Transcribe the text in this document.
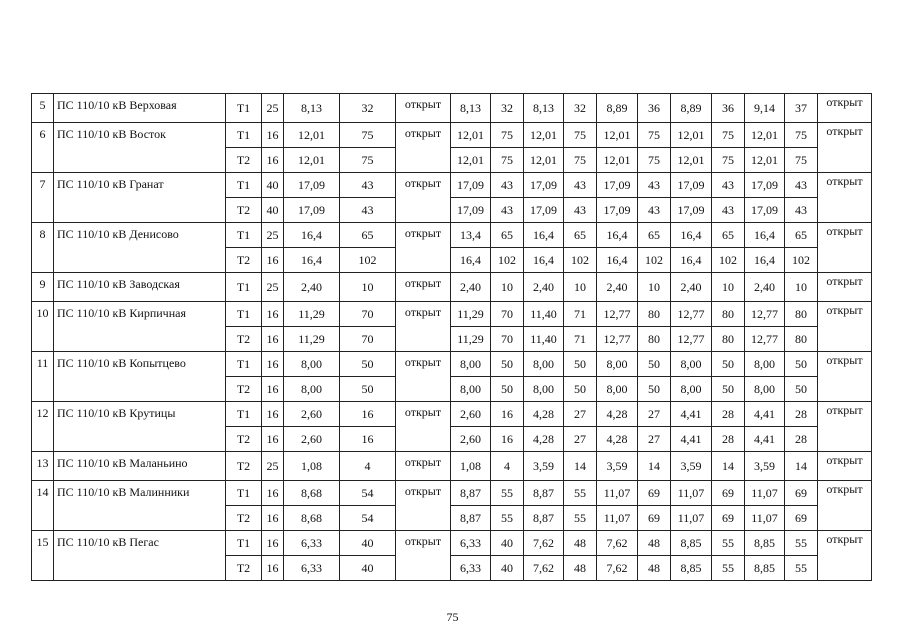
5	ПС 110/10 кВ Верховая	Т1	25	8,13	32	открыт	8,13	32	8,13	32	8,89	36	8,89	36	9,14	37	открыт
6	ПС 110/10 кВ Восток	Т1	16	12,01	75	открыт	12,01	75	12,01	75	12,01	75	12,01	75	12,01	75	открыт
		Т2	16	12,01	75		12,01	75	12,01	75	12,01	75	12,01	75	12,01	75	
7	ПС 110/10 кВ Гранат	Т1	40	17,09	43	открыт	17,09	43	17,09	43	17,09	43	17,09	43	17,09	43	открыт
		Т2	40	17,09	43		17,09	43	17,09	43	17,09	43	17,09	43	17,09	43	
8	ПС 110/10 кВ Денисово	Т1	25	16,4	65	открыт	13,4	65	16,4	65	16,4	65	16,4	65	16,4	65	открыт
		Т2	16	16,4	102		16,4	102	16,4	102	16,4	102	16,4	102	16,4	102	
9	ПС 110/10 кВ Заводская	Т1	25	2,40	10	открыт	2,40	10	2,40	10	2,40	10	2,40	10	2,40	10	открыт
10	ПС 110/10 кВ Кирпичная	Т1	16	11,29	70	открыт	11,29	70	11,40	71	12,77	80	12,77	80	12,77	80	открыт
		Т2	16	11,29	70		11,29	70	11,40	71	12,77	80	12,77	80	12,77	80	
11	ПС 110/10 кВ Копытцево	Т1	16	8,00	50	открыт	8,00	50	8,00	50	8,00	50	8,00	50	8,00	50	открыт
		Т2	16	8,00	50		8,00	50	8,00	50	8,00	50	8,00	50	8,00	50	
12	ПС 110/10 кВ Крутицы	Т1	16	2,60	16	открыт	2,60	16	4,28	27	4,28	27	4,41	28	4,41	28	открыт
		Т2	16	2,60	16		2,60	16	4,28	27	4,28	27	4,41	28	4,41	28	
13	ПС 110/10 кВ Маланьино	Т2	25	1,08	4	открыт	1,08	4	3,59	14	3,59	14	3,59	14	3,59	14	открыт
14	ПС 110/10 кВ Малинники	Т1	16	8,68	54	открыт	8,87	55	8,87	55	11,07	69	11,07	69	11,07	69	открыт
		Т2	16	8,68	54		8,87	55	8,87	55	11,07	69	11,07	69	11,07	69	
15	ПС 110/10 кВ Пегас	Т1	16	6,33	40	открыт	6,33	40	7,62	48	7,62	48	8,85	55	8,85	55	открыт
		Т2	16	6,33	40		6,33	40	7,62	48	7,62	48	8,85	55	8,85	55	
75
